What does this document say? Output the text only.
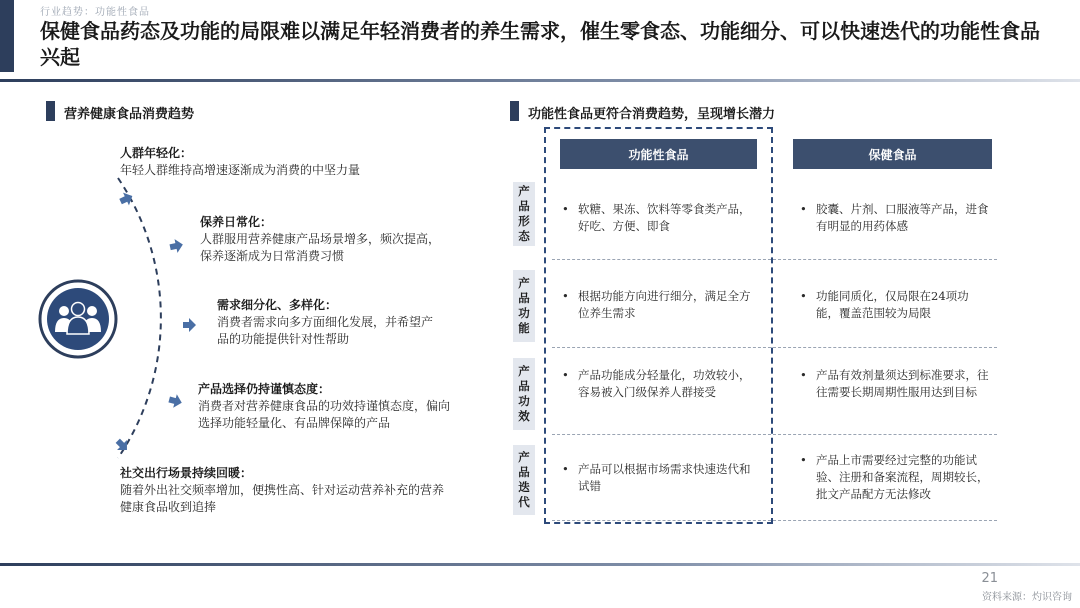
行业趋势：功能性食品
保健食品药态及功能的局限难以满足年轻消费者的养生需求，催生零食态、功能细分、可以快速迭代的功能性食品兴起
营养健康食品消费趋势
人群年轻化：
年轻人群维持高增速逐渐成为消费的中坚力量
保养日常化：
人群服用营养健康产品场景增多，频次提高，保养逐渐成为日常消费习惯
需求细分化、多样化：
消费者需求向多方面细化发展，并希望产品的功能提供针对性帮助
产品选择仍持谨慎态度：
消费者对营养健康食品的功效持谨慎态度，偏向选择功能轻量化、有品牌保障的产品
社交出行场景持续回暖：
随着外出社交频率增加，便携性高、针对运动营养补充的营养健康食品收到追捧
功能性食品更符合消费趋势，呈现增长潜力
功能性食品	保健食品
产品形态
• 软糖、果冻、饮料等零食类产品，好吃、方便、即食
• 胶囊、片剂、口服液等产品，进食有明显的用药体感
产品功能
• 根据功能方向进行细分，满足全方位养生需求
• 功能同质化，仅局限在24项功能，覆盖范围较为局限
产品功效
• 产品功能成分轻量化，功效较小，容易被入门级保养人群接受
• 产品有效剂量须达到标准要求，往往需要长期周期性服用达到目标
产品迭代
• 产品可以根据市场需求快速迭代和试错
• 产品上市需要经过完整的功能试验、注册和备案流程，周期较长，批文产品配方无法修改
21
资料来源：灼识咨询
